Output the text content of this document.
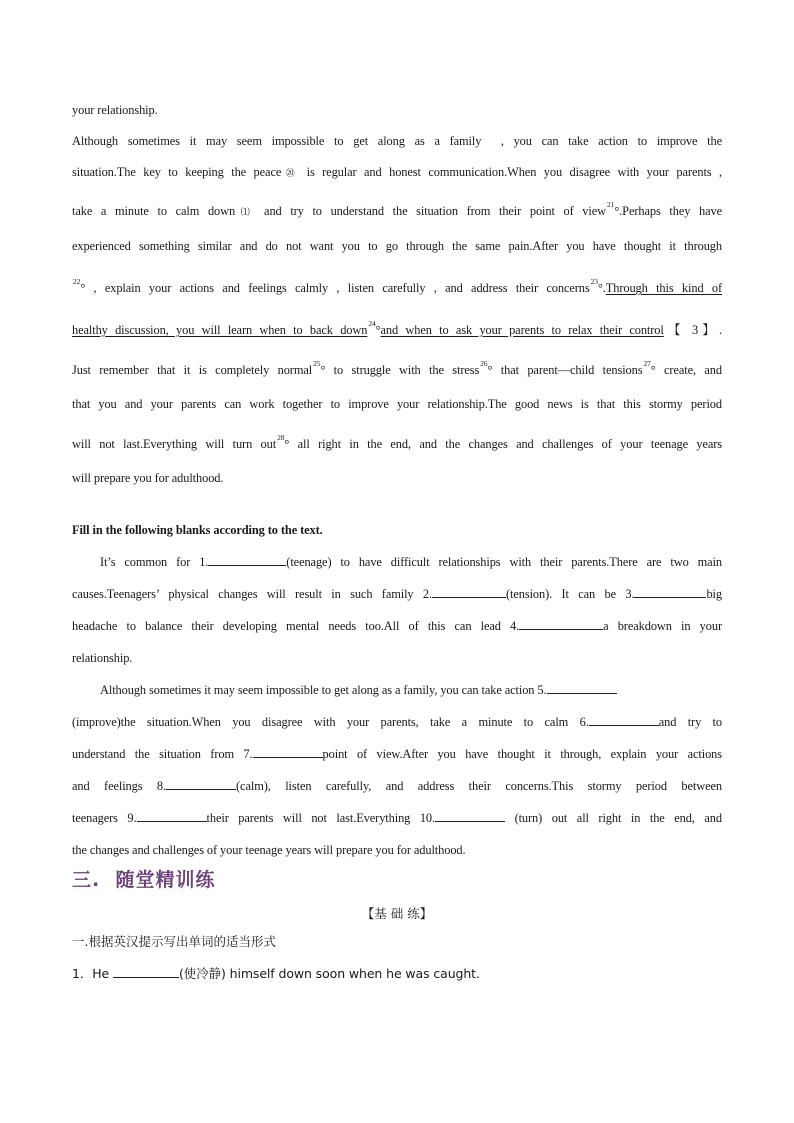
your relationship.
Although sometimes it may seem impossible to get along as a family  , you can take action to improve the
situation.The key to keeping the peace⑳ is regular and honest communication.When you disagree with your parents ,
take a minute to calm down⑴ and try to understand the situation from their point of view$^{21}$°.Perhaps they have
experienced something similar and do not want you to go through the same pain.After you have thought it through
$^{22}$° , explain your actions and feelings calmly , listen carefully , and address their concerns$^{23}$°.Through this kind of
healthy discussion, you will learn when to back down$^{24}$°and when to ask your parents to relax their control【 3】.
Just remember that it is completely normal$^{25}$° to struggle with the stress$^{26}$° that parent—child tensions$^{27}$° create, and
that you and your parents can work together to improve your relationship.The good news is that this stormy period
will not last.Everything will turn out$^{28}$° all right in the end, and the changes and challenges of your teenage years
will prepare you for adulthood.
Fill in the following blanks according to the text.
It’s common for 1.	(teenage) to have difficult relationships with their parents.There are two main
causes.Teenagers’ physical changes will result in such family 2.	(tension). It can be 3.	big
headache to balance their developing mental needs too.All of this can lead 4.	a breakdown in your
relationship.
Although sometimes it may seem impossible to get along as a family, you can take action 5.
(improve)the situation.When you disagree with your parents, take a minute to calm 6.	and try to
understand the situation from 7.	point of view.After you have thought it through, explain your actions
and feelings 8.	(calm), listen carefully, and address their concerns.This stormy period between
teenagers 9.	their parents will not last.Everything 10.	(turn) out all right in the end, and
the changes and challenges of your teenage years will prepare you for adulthood.
三.  随堂精训练
【基 础 练】
一.根据英汉提示写出单词的适当形式
1．He	(使冷静) himself down soon when he was caught.
